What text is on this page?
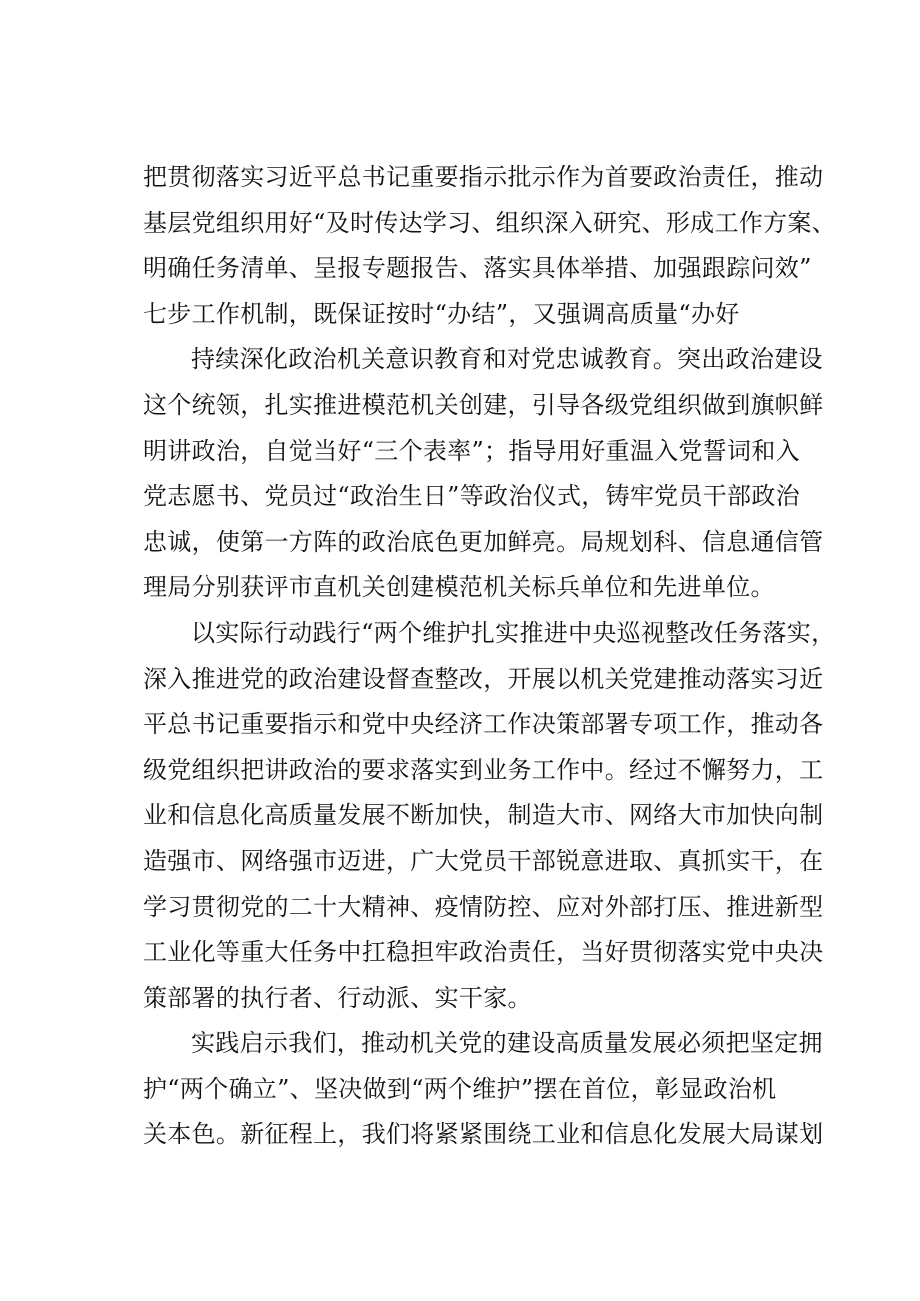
把贯彻落实习近平总书记重要指示批示作为首要政治责任，推动
基层党组织用好“及时传达学习、组织深入研究、形成工作方案、
明确任务清单、呈报专题报告、落实具体举措、加强跟踪问效”
七步工作机制，既保证按时“办结”，又强调高质量“办好
持续深化政治机关意识教育和对党忠诚教育。突出政治建设
这个统领，扎实推进模范机关创建，引导各级党组织做到旗帜鲜
明讲政治，自觉当好“三个表率”；指导用好重温入党誓词和入
党志愿书、党员过“政治生日”等政治仪式，铸牢党员干部政治
忠诚，使第一方阵的政治底色更加鲜亮。局规划科、信息通信管
理局分别获评市直机关创建模范机关标兵单位和先进单位。
以实际行动践行“两个维护扎实推进中央巡视整改任务落实，
深入推进党的政治建设督查整改，开展以机关党建推动落实习近
平总书记重要指示和党中央经济工作决策部署专项工作，推动各
级党组织把讲政治的要求落实到业务工作中。经过不懈努力，工
业和信息化高质量发展不断加快，制造大市、网络大市加快向制
造强市、网络强市迈进，广大党员干部锐意进取、真抓实干，在
学习贯彻党的二十大精神、疫情防控、应对外部打压、推进新型
工业化等重大任务中扛稳担牢政治责任，当好贯彻落实党中央决
策部署的执行者、行动派、实干家。
实践启示我们，推动机关党的建设高质量发展必须把坚定拥
护“两个确立”、坚决做到“两个维护”摆在首位，彰显政治机
关本色。新征程上，我们将紧紧围绕工业和信息化发展大局谋划
